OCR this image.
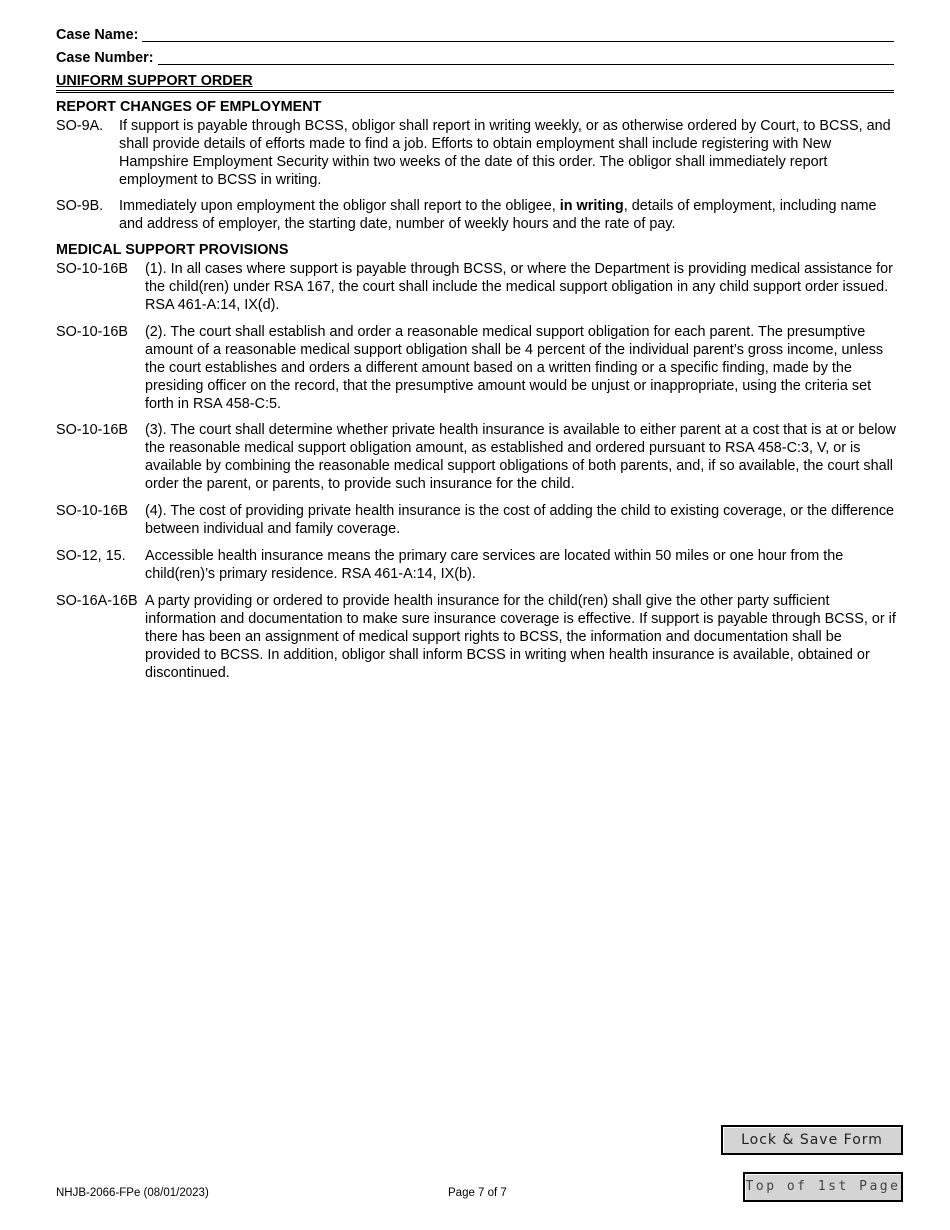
Case Name:
Case Number:
UNIFORM SUPPORT ORDER
REPORT CHANGES OF EMPLOYMENT
SO-9A. If support is payable through BCSS, obligor shall report in writing weekly, or as otherwise ordered by Court, to BCSS, and shall provide details of efforts made to find a job. Efforts to obtain employment shall include registering with New Hampshire Employment Security within two weeks of the date of this order. The obligor shall immediately report employment to BCSS in writing.
SO-9B. Immediately upon employment the obligor shall report to the obligee, in writing, details of employment, including name and address of employer, the starting date, number of weekly hours and the rate of pay.
MEDICAL SUPPORT PROVISIONS
SO-10-16B (1). In all cases where support is payable through BCSS, or where the Department is providing medical assistance for the child(ren) under RSA 167, the court shall include the medical support obligation in any child support order issued. RSA 461-A:14, IX(d).
SO-10-16B (2). The court shall establish and order a reasonable medical support obligation for each parent. The presumptive amount of a reasonable medical support obligation shall be 4 percent of the individual parent’s gross income, unless the court establishes and orders a different amount based on a written finding or a specific finding, made by the presiding officer on the record, that the presumptive amount would be unjust or inappropriate, using the criteria set forth in RSA 458-C:5.
SO-10-16B (3). The court shall determine whether private health insurance is available to either parent at a cost that is at or below the reasonable medical support obligation amount, as established and ordered pursuant to RSA 458-C:3, V, or is available by combining the reasonable medical support obligations of both parents, and, if so available, the court shall order the parent, or parents, to provide such insurance for the child.
SO-10-16B (4). The cost of providing private health insurance is the cost of adding the child to existing coverage, or the difference between individual and family coverage.
SO-12, 15. Accessible health insurance means the primary care services are located within 50 miles or one hour from the child(ren)’s primary residence. RSA 461-A:14, IX(b).
SO-16A-16B A party providing or ordered to provide health insurance for the child(ren) shall give the other party sufficient information and documentation to make sure insurance coverage is effective. If support is payable through BCSS, or if there has been an assignment of medical support rights to BCSS, the information and documentation shall be provided to BCSS. In addition, obligor shall inform BCSS in writing when health insurance is available, obtained or discontinued.
Lock & Save Form
Top of 1st Page
NHJB-2066-FPe (08/01/2023)	Page 7 of 7
